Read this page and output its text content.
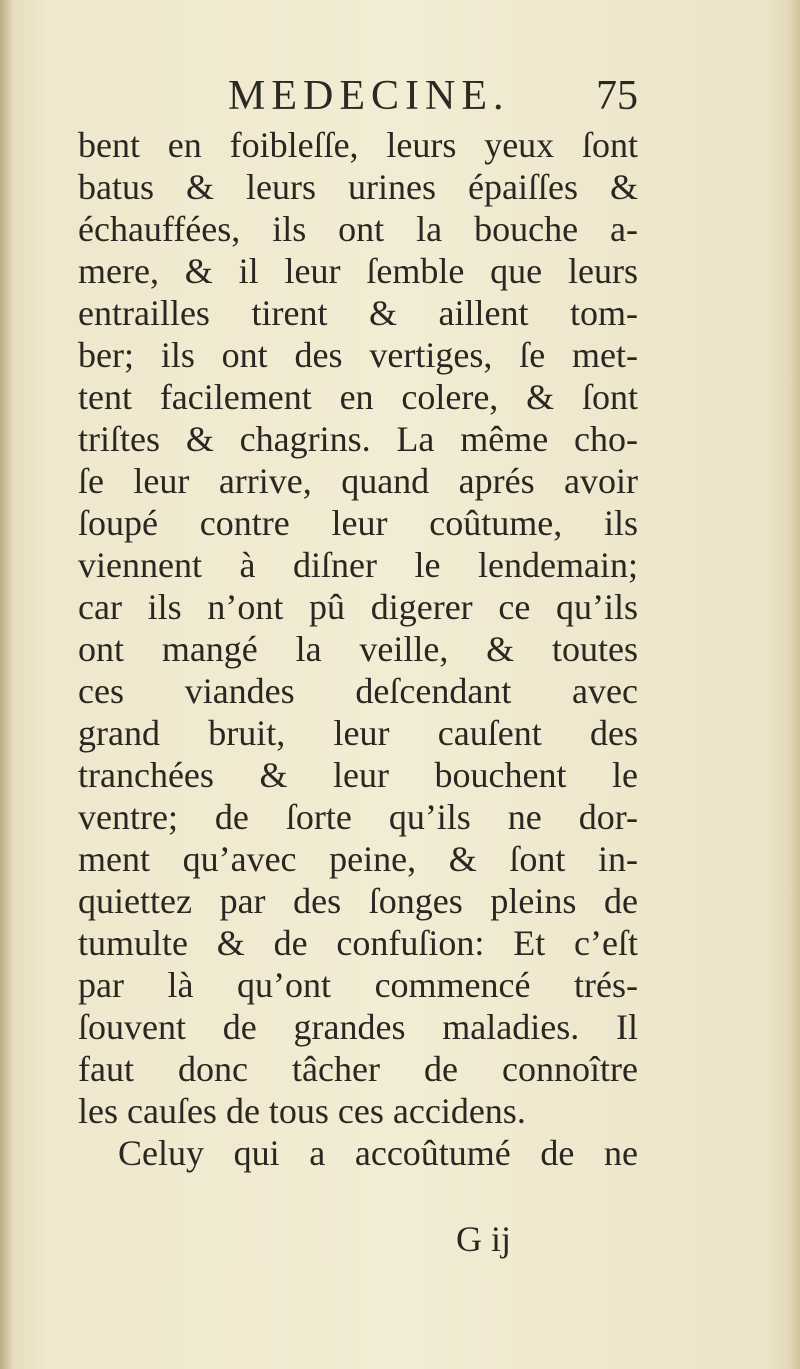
MEDECINE. 75
bent en foibleſſe, leurs yeux ſont
batus & leurs urines épaiſſes &
échauffées, ils ont la bouche a-
mere, & il leur ſemble que leurs
entrailles tirent & aillent tom-
ber; ils ont des vertiges, ſe met-
tent facilement en colere, & ſont
triſtes & chagrins. La même cho-
ſe leur arrive, quand aprés avoir
ſoupé contre leur coûtume, ils
viennent à diſner le lendemain;
car ils n’ont pû digerer ce qu’ils
ont mangé la veille, & toutes
ces viandes deſcendant avec
grand bruit, leur cauſent des
tranchées & leur bouchent le
ventre; de ſorte qu’ils ne dor-
ment qu’avec peine, & ſont in-
quiettez par des ſonges pleins de
tumulte & de confuſion: Et c’eſt
par là qu’ont commencé trés-
ſouvent de grandes maladies. Il
faut donc tâcher de connoître
les cauſes de tous ces accidens.
Celuy qui a accoûtumé de ne
G ij
